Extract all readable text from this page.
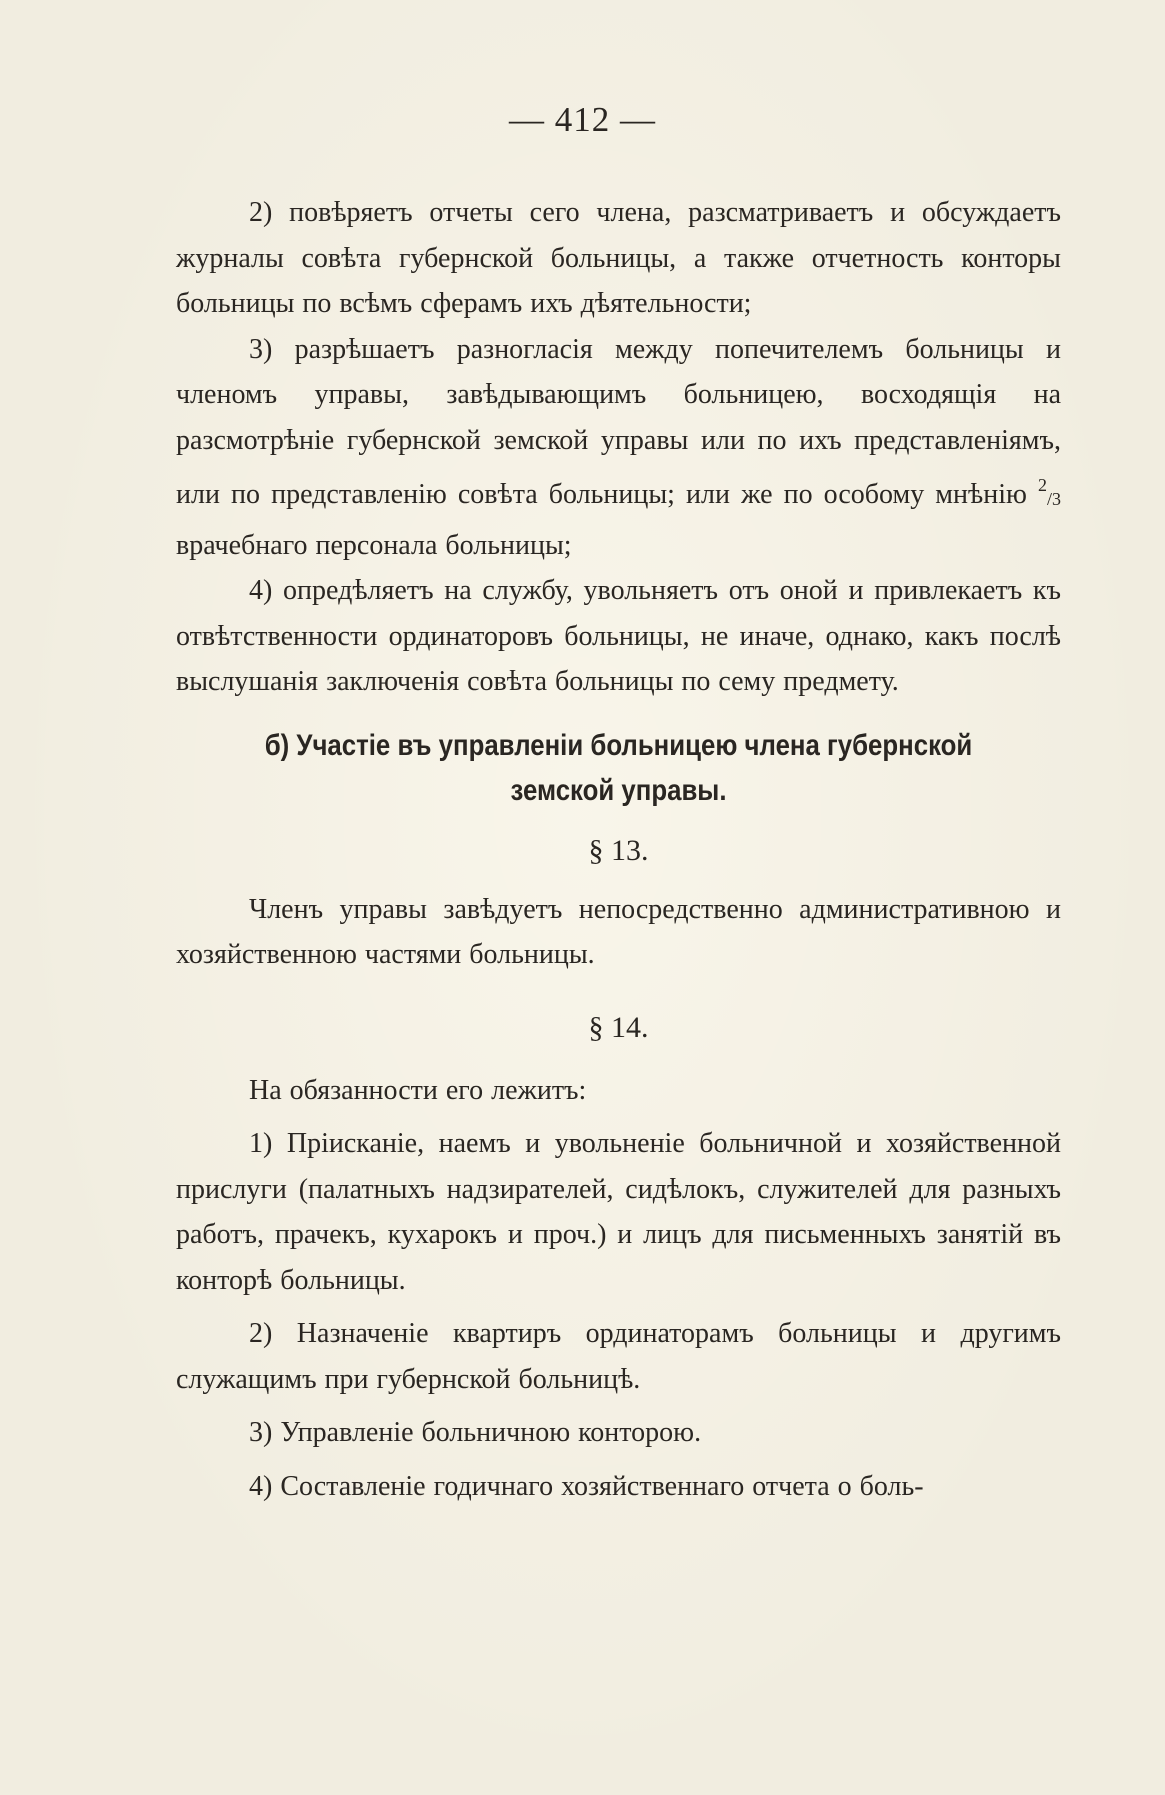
— 412 —

2) повѣряетъ отчеты сего члена, разсматриваетъ и обсуждаетъ журналы совѣта губернской больницы, а также отчетность конторы больницы по всѣмъ сферамъ ихъ дѣятельности;

3) разрѣшаетъ разногласія между попечителемъ больницы и членомъ управы, завѣдывающимъ больницею, восходящія на разсмотрѣніе губернской земской управы или по ихъ представленіямъ, или по представленію совѣта больницы; или же по особому мнѣнію $^2$/3 врачебнаго персонала больницы;

4) опредѣляетъ на службу, увольняетъ отъ оной и привлекаетъ къ отвѣтственности ординаторовъ больницы, не иначе, однако, какъ послѣ выслушанія заключенія совѣта больницы по сему предмету.

б) Участіе въ управленіи больницею члена губернской
земской управы.

§ 13.

Членъ управы завѣдуетъ непосредственно административною и хозяйственною частями больницы.

§ 14.

На обязанности его лежитъ:

1) Пріисканіе, наемъ и увольненіе больничной и хозяйственной прислуги (палатныхъ надзирателей, сидѣлокъ, служителей для разныхъ работъ, прачекъ, кухарокъ и проч.) и лицъ для письменныхъ занятій въ конторѣ больницы.

2) Назначеніе квартиръ ординаторамъ больницы и другимъ служащимъ при губернской больницѣ.

3) Управленіе больничною конторою.

4) Составленіе годичнаго хозяйственнаго отчета о боль-
